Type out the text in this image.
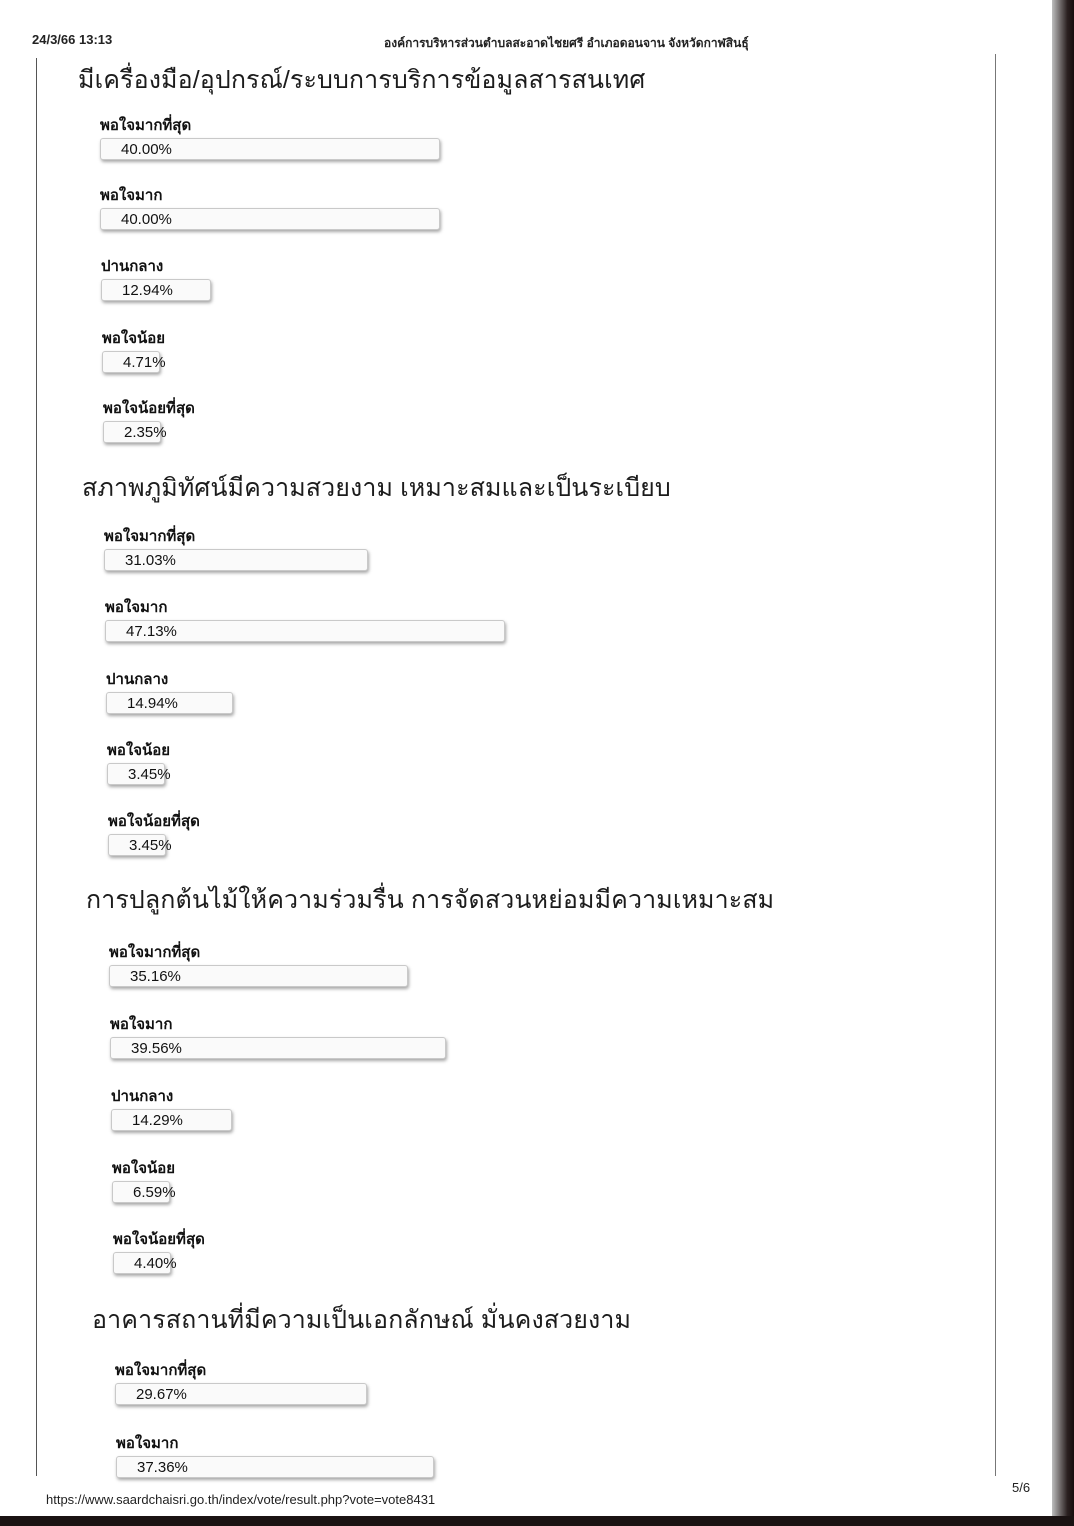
24/3/66 13:13	องค์การบริหารส่วนตำบลสะอาดไชยศรี อำเภอดอนจาน จังหวัดกาฬสินธุ์
มีเครื่องมือ/อุปกรณ์/ระบบการบริการข้อมูลสารสนเทศ
พอใจมากที่สุด
40.00%
พอใจมาก
40.00%
ปานกลาง
12.94%
พอใจน้อย
4.71%
พอใจน้อยที่สุด
2.35%
สภาพภูมิทัศน์มีความสวยงาม เหมาะสมและเป็นระเบียบ
พอใจมากที่สุด
31.03%
พอใจมาก
47.13%
ปานกลาง
14.94%
พอใจน้อย
3.45%
พอใจน้อยที่สุด
3.45%
การปลูกต้นไม้ให้ความร่วมรื่น การจัดสวนหย่อมมีความเหมาะสม
พอใจมากที่สุด
35.16%
พอใจมาก
39.56%
ปานกลาง
14.29%
พอใจน้อย
6.59%
พอใจน้อยที่สุด
4.40%
อาคารสถานที่มีความเป็นเอกลักษณ์ มั่นคงสวยงาม
พอใจมากที่สุด
29.67%
พอใจมาก
37.36%
https://www.saardchaisri.go.th/index/vote/result.php?vote=vote8431
5/6
